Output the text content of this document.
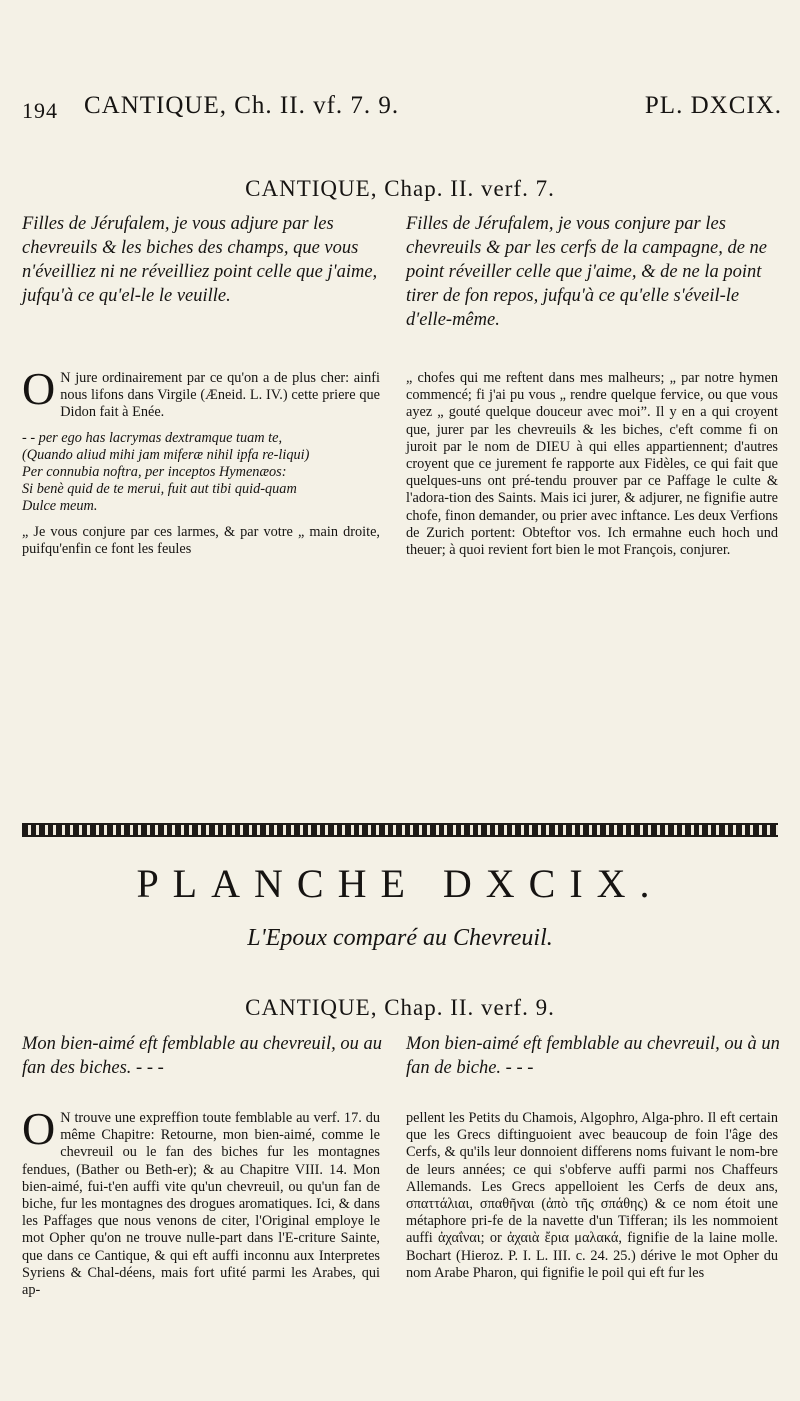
194 CANTIQUE, Ch. II. vf. 7. 9.	PL. DXCIX.
CANTIQUE, Chap. II. verf. 7.
Filles de Jérufalem, je vous adjure par les chevreuils & les biches des champs, que vous n'éveilliez ni ne réveilliez point celle que j'aime, jufqu'à ce qu'el-le le veuille.
Filles de Jérufalem, je vous conjure par les chevreuils & par les cerfs de la campagne, de ne point réveiller celle que j'aime, & de ne la point tirer de fon repos, jufqu'à ce qu'elle s'éveil-le d'elle-même.

O N jure ordinairement par ce qu'on a de plus cher: ainfi nous lifons dans Virgile (Æneid. L. IV.) cette priere que Didon fait à Enée.

- - per ego has lacrymas dextramque tuam te,
(Quando aliud mihi jam miferæ nihil ipfa re-liqui)
Per connubia noftra, per inceptos Hymenæos:
Si benè quid de te merui, fuit aut tibi quid-quam
Dulce meum.

„ Je vous conjure par ces larmes, & par votre „ main droite, puifqu'enfin ce font les feules

„ chofes qui me reftent dans mes malheurs; „ par notre hymen commencé; fi j'ai pu vous „ rendre quelque fervice, ou que vous ayez „ gouté quelque douceur avec moi”. Il y en a qui croyent que, jurer par les chevreuils & les biches, c'eft comme fi on juroit par le nom de DIEU à qui elles appartiennent; d'autres croyent que ce jurement fe rapporte aux Fidèles, ce qui fait que quelques-uns ont pré-tendu prouver par ce Paffage le culte & l'adora-tion des Saints. Mais ici jurer, & adjurer, ne fignifie autre chofe, finon demander, ou prier avec inftance. Les deux Verfions de Zurich portent: Obteftor vos. Ich ermahne euch hoch und theuer; à quoi revient fort bien le mot François, conjurer.
PLANCHE DXCIX.
L'Epoux comparé au Chevreuil.
CANTIQUE, Chap. II. verf. 9.
Mon bien-aimé eft femblable au chevreuil, ou au fan des biches. - - -
Mon bien-aimé eft femblable au chevreuil, ou à un fan de biche. - - -

O N trouve une expreffion toute femblable au verf. 17. du même Chapitre: Retourne, mon bien-aimé, comme le chevreuil ou le fan des biches fur les montagnes fendues, (Bather ou Beth-er); & au Chapitre VIII. 14. Mon bien-aimé, fui-t'en auffi vite qu'un chevreuil, ou qu'un fan de biche, fur les montagnes des drogues aromatiques. Ici, & dans les Paffages que nous venons de citer, l'Original employe le mot Opher qu'on ne trouve nulle-part dans l'E-criture Sainte, que dans ce Cantique, & qui eft auffi inconnu aux Interpretes Syriens & Chal-déens, mais fort ufité parmi les Arabes, qui ap-

pellent les Petits du Chamois, Algophro, Alga-phro. Il eft certain que les Grecs diftinguoient avec beaucoup de foin l'âge des Cerfs, & qu'ils leur donnoient differens noms fuivant le nom-bre de leurs années; ce qui s'obferve auffi parmi nos Chaffeurs Allemands. Les Grecs appelloient les Cerfs de deux ans, σπαττάλιαι, σπαθῆναι (ἀπὸ τῆς σπάθης) & ce nom étoit une métaphore pri-fe de la navette d'un Tifferan; ils les nommoient auffi ἀχαΐναι; or ἀχαιὰ ἔρια μαλακά, fignifie de la laine molle. Bochart (Hieroz. P. I. L. III. c. 24. 25.) dérive le mot Opher du nom Arabe Pharon, qui fignifie le poil qui eft fur les
